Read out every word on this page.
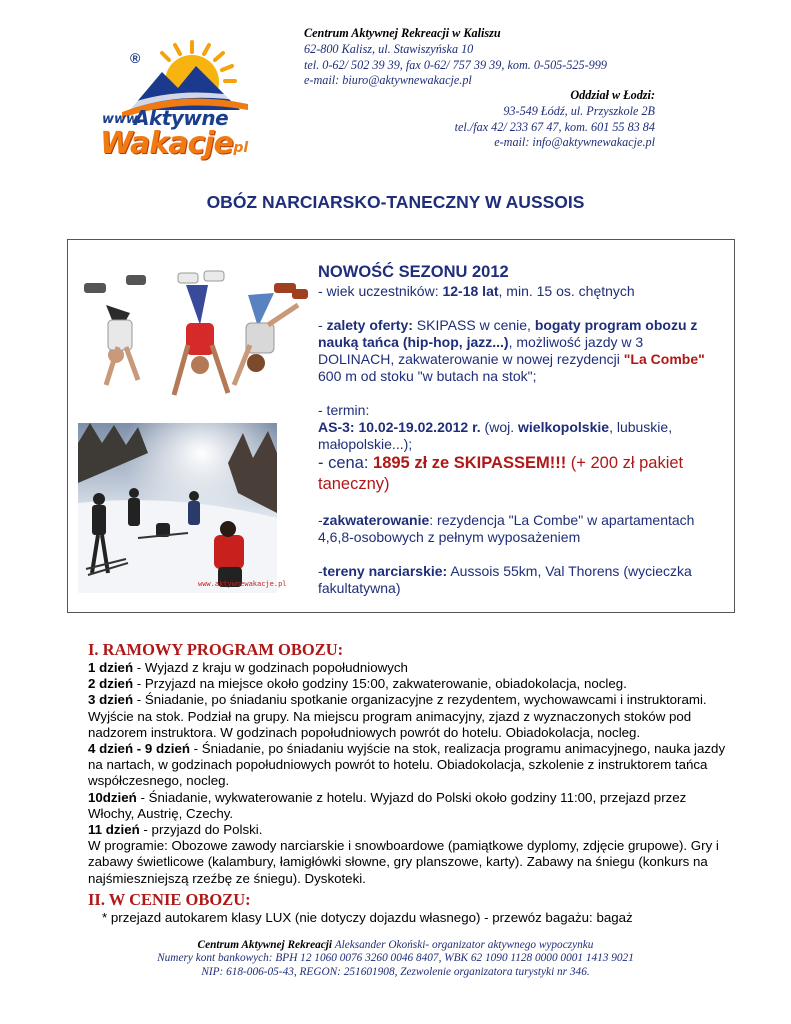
®
www.
Aktywne
Wakacje
.pl
Centrum Aktywnej Rekreacji w Kaliszu
62-800 Kalisz, ul. Stawiszyńska 10
tel. 0-62/ 502 39 39, fax 0-62/ 757 39 39, kom. 0-505-525-999
e-mail: biuro@aktywnewakacje.pl
Oddział w Łodzi:
93-549 Łódź, ul. Przyszkole 2B
tel./fax 42/ 233 67 47, kom. 601 55 83 84
e-mail: info@aktywnewakacje.pl
OBÓZ NARCIARSKO-TANECZNY W AUSSOIS
www.aktywnewakacje.pl

NOWOŚĆ SEZONU 2012

- wiek uczestników: 12-18 lat, min. 15 os. chętnych

- zalety oferty: SKIPASS w cenie, bogaty program obozu z nauką tańca (hip-hop, jazz...), możliwość jazdy w 3 DOLINACH, zakwaterowanie w nowej rezydencji "La Combe" 600 m od stoku "w butach na stok";

- termin:

AS-3: 10.02-19.02.2012 r. (woj. wielkopolskie, lubuskie, małopolskie...);

- cena: 1895 zł ze SKIPASSEM!!! (+ 200 zł pakiet taneczny)

-zakwaterowanie: rezydencja "La Combe" w apartamentach 4,6,8-osobowych z pełnym wyposażeniem

-tereny narciarskie: Aussois 55km, Val Thorens (wycieczka fakultatywna)

I. RAMOWY PROGRAM OBOZU:

1 dzień - Wyjazd z kraju w godzinach popołudniowych

2 dzień - Przyjazd na miejsce około godziny 15:00, zakwaterowanie, obiadokolacja, nocleg.

3 dzień - Śniadanie, po śniadaniu spotkanie organizacyjne z rezydentem, wychowawcami i instruktorami. Wyjście na stok. Podział na grupy. Na miejscu program animacyjny, zjazd z wyznaczonych stoków pod nadzorem instruktora. W godzinach popołudniowych powrót do hotelu. Obiadokolacja, nocleg.

4 dzień - 9 dzień - Śniadanie, po śniadaniu wyjście na stok, realizacja programu animacyjnego, nauka jazdy na nartach, w godzinach popołudniowych powrót to hotelu. Obiadokolacja, szkolenie z instruktorem tańca współczesnego, nocleg.

10dzień - Śniadanie, wykwaterowanie z hotelu. Wyjazd do Polski około godziny 11:00, przejazd przez Włochy, Austrię, Czechy.

11 dzień - przyjazd do Polski.

W programie: Obozowe zawody narciarskie i snowboardowe (pamiątkowe dyplomy, zdjęcie grupowe). Gry i zabawy świetlicowe (kalambury, łamigłówki słowne, gry planszowe, karty). Zabawy na śniegu (konkurs na najśmieszniejszą rzeźbę ze śniegu). Dyskoteki.

II. W CENIE OBOZU:
* przejazd autokarem klasy LUX (nie dotyczy dojazdu własnego) - przewóz bagażu: bagaż
Centrum Aktywnej Rekreacji Aleksander Okoński- organizator aktywnego wypoczynku
Numery kont bankowych: BPH 12 1060 0076 3260 0046 8407, WBK 62 1090 1128 0000 0001 1413 9021
NIP: 618-006-05-43, REGON: 251601908, Zezwolenie organizatora turystyki nr 346.
